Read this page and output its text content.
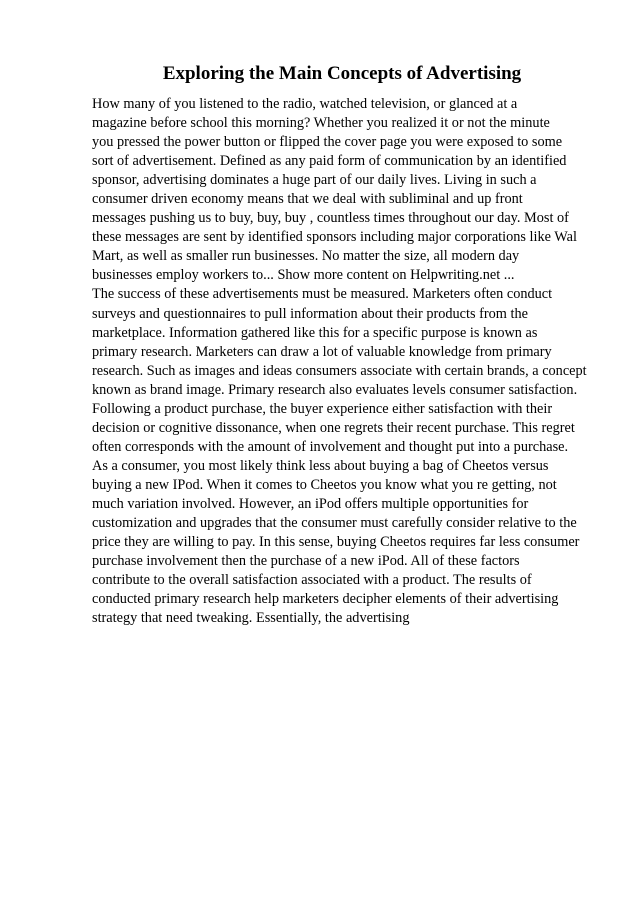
Exploring the Main Concepts of Advertising
How many of you listened to the radio, watched television, or glanced at a
magazine before school this morning? Whether you realized it or not the minute
you pressed the power button or flipped the cover page you were exposed to some
sort of advertisement. Defined as any paid form of communication by an identified
sponsor, advertising dominates a huge part of our daily lives. Living in such a
consumer driven economy means that we deal with subliminal and up front
messages pushing us to buy, buy, buy , countless times throughout our day. Most of
these messages are sent by identified sponsors including major corporations like Wal
Mart, as well as smaller run businesses. No matter the size, all modern day
businesses employ workers to... Show more content on Helpwriting.net ...
The success of these advertisements must be measured. Marketers often conduct
surveys and questionnaires to pull information about their products from the
marketplace. Information gathered like this for a specific purpose is known as
primary research. Marketers can draw a lot of valuable knowledge from primary
research. Such as images and ideas consumers associate with certain brands, a concept
known as brand image. Primary research also evaluates levels consumer satisfaction.
Following a product purchase, the buyer experience either satisfaction with their
decision or cognitive dissonance, when one regrets their recent purchase. This regret
often corresponds with the amount of involvement and thought put into a purchase.
As a consumer, you most likely think less about buying a bag of Cheetos versus
buying a new IPod. When it comes to Cheetos you know what you re getting, not
much variation involved. However, an iPod offers multiple opportunities for
customization and upgrades that the consumer must carefully consider relative to the
price they are willing to pay. In this sense, buying Cheetos requires far less consumer
purchase involvement then the purchase of a new iPod. All of these factors
contribute to the overall satisfaction associated with a product. The results of
conducted primary research help marketers decipher elements of their advertising
strategy that need tweaking. Essentially, the advertising
